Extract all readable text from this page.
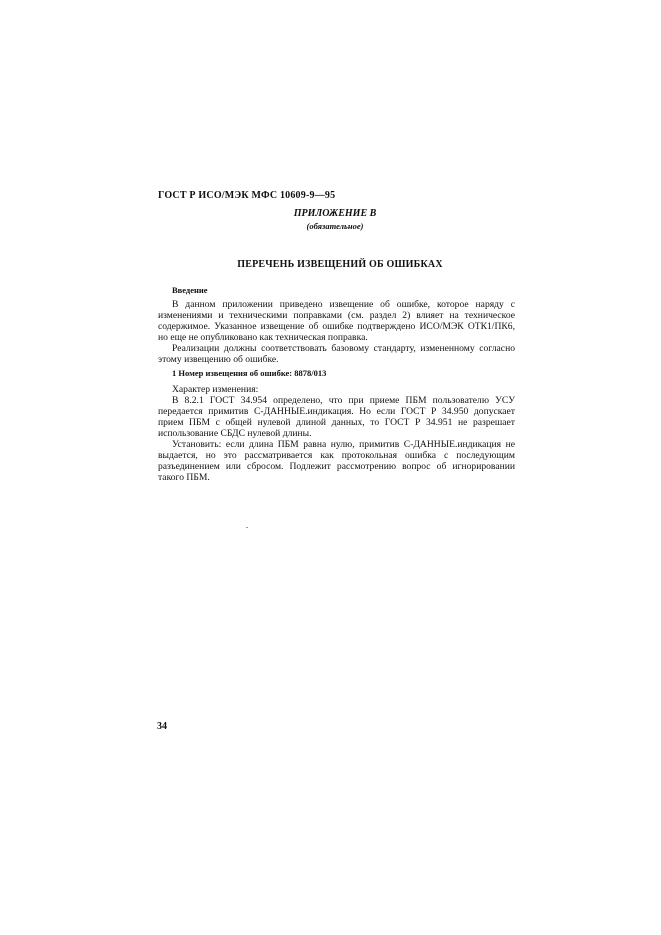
ГОСТ Р ИСО/МЭК МФС 10609-9—95
ПРИЛОЖЕНИЕ В
(обязательное)
ПЕРЕЧЕНЬ ИЗВЕЩЕНИЙ ОБ ОШИБКАХ
Введение

В данном приложении приведено извещение об ошибке, которое наряду с изменениями и техническими поправками (см. раздел 2) влияет на техническое содержимое. Указанное извещение об ошибке подтверждено ИСО/МЭК ОТК1/ПК6, но еще не опубликовано как техническая поправка.

Реализации должны соответствовать базовому стандарту, измененному согласно этому извещению об ошибке.

1 Номер извещения об ошибке: 8878/013

Характер изменения:

В 8.2.1 ГОСТ 34.954 определено, что при приеме ПБМ пользователю УСУ передается примитив С-ДАННЫЕ.индикация. Но если ГОСТ Р 34.950 допускает прием ПБМ с общей нулевой длиной данных, то ГОСТ Р 34.951 не разрешает использование СБДС нулевой длины.

Установить: если длина ПБМ равна нулю, примитив С-ДАННЫЕ.индикация не выдается, но это рассматривается как протокольная ошибка с последующим разъединением или сбросом. Подлежит рассмотрению вопрос об игнорировании такого ПБМ.

34
